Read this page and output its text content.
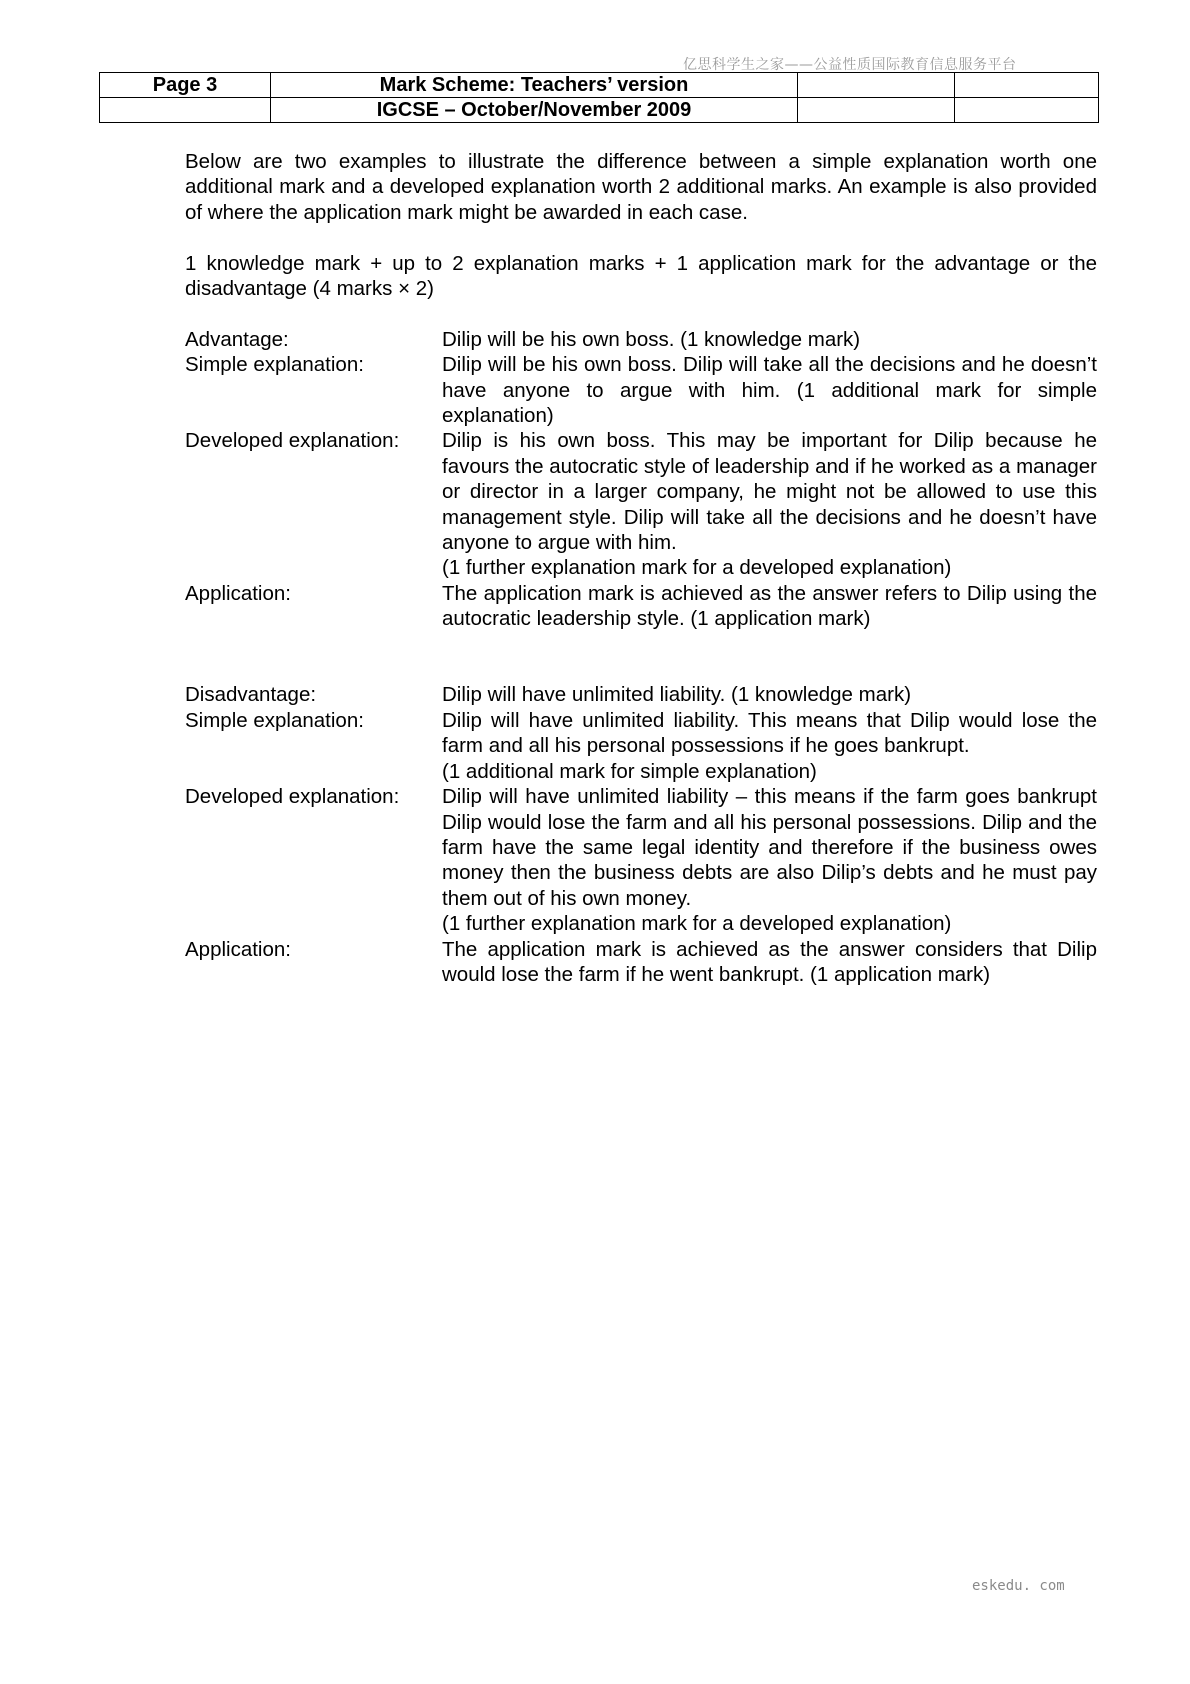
亿思科学生之家——公益性质国际教育信息服务平台
Page 3	Mark Scheme: Teachers’ version		
	IGCSE – October/November 2009		

Below are two examples to illustrate the difference between a simple explanation worth one additional mark and a developed explanation worth 2 additional marks. An example is also provided of where the application mark might be awarded in each case.

1 knowledge mark + up to 2 explanation marks + 1 application mark for the advantage or the disadvantage (4 marks × 2)

Advantage:	Dilip will be his own boss. (1 knowledge mark)
Simple explanation:	Dilip will be his own boss. Dilip will take all the decisions and he doesn’t have anyone to argue with him. (1 additional mark for simple explanation)
Developed explanation:	Dilip is his own boss. This may be important for Dilip because he favours the autocratic style of leadership and if he worked as a manager or director in a larger company, he might not be allowed to use this management style. Dilip will take all the decisions and he doesn’t have anyone to argue with him.
(1 further explanation mark for a developed explanation)
Application:	The application mark is achieved as the answer refers to Dilip using the autocratic leadership style. (1 application mark)
Disadvantage:	Dilip will have unlimited liability. (1 knowledge mark)
Simple explanation:	Dilip will have unlimited liability. This means that Dilip would lose the farm and all his personal possessions if he goes bankrupt.
(1 additional mark for simple explanation)
Developed explanation:	Dilip will have unlimited liability – this means if the farm goes bankrupt Dilip would lose the farm and all his personal possessions. Dilip and the farm have the same legal identity and therefore if the business owes money then the business debts are also Dilip’s debts and he must pay them out of his own money.
(1 further explanation mark for a developed explanation)
Application:	The application mark is achieved as the answer considers that Dilip would lose the farm if he went bankrupt. (1 application mark)
eskedu. com
